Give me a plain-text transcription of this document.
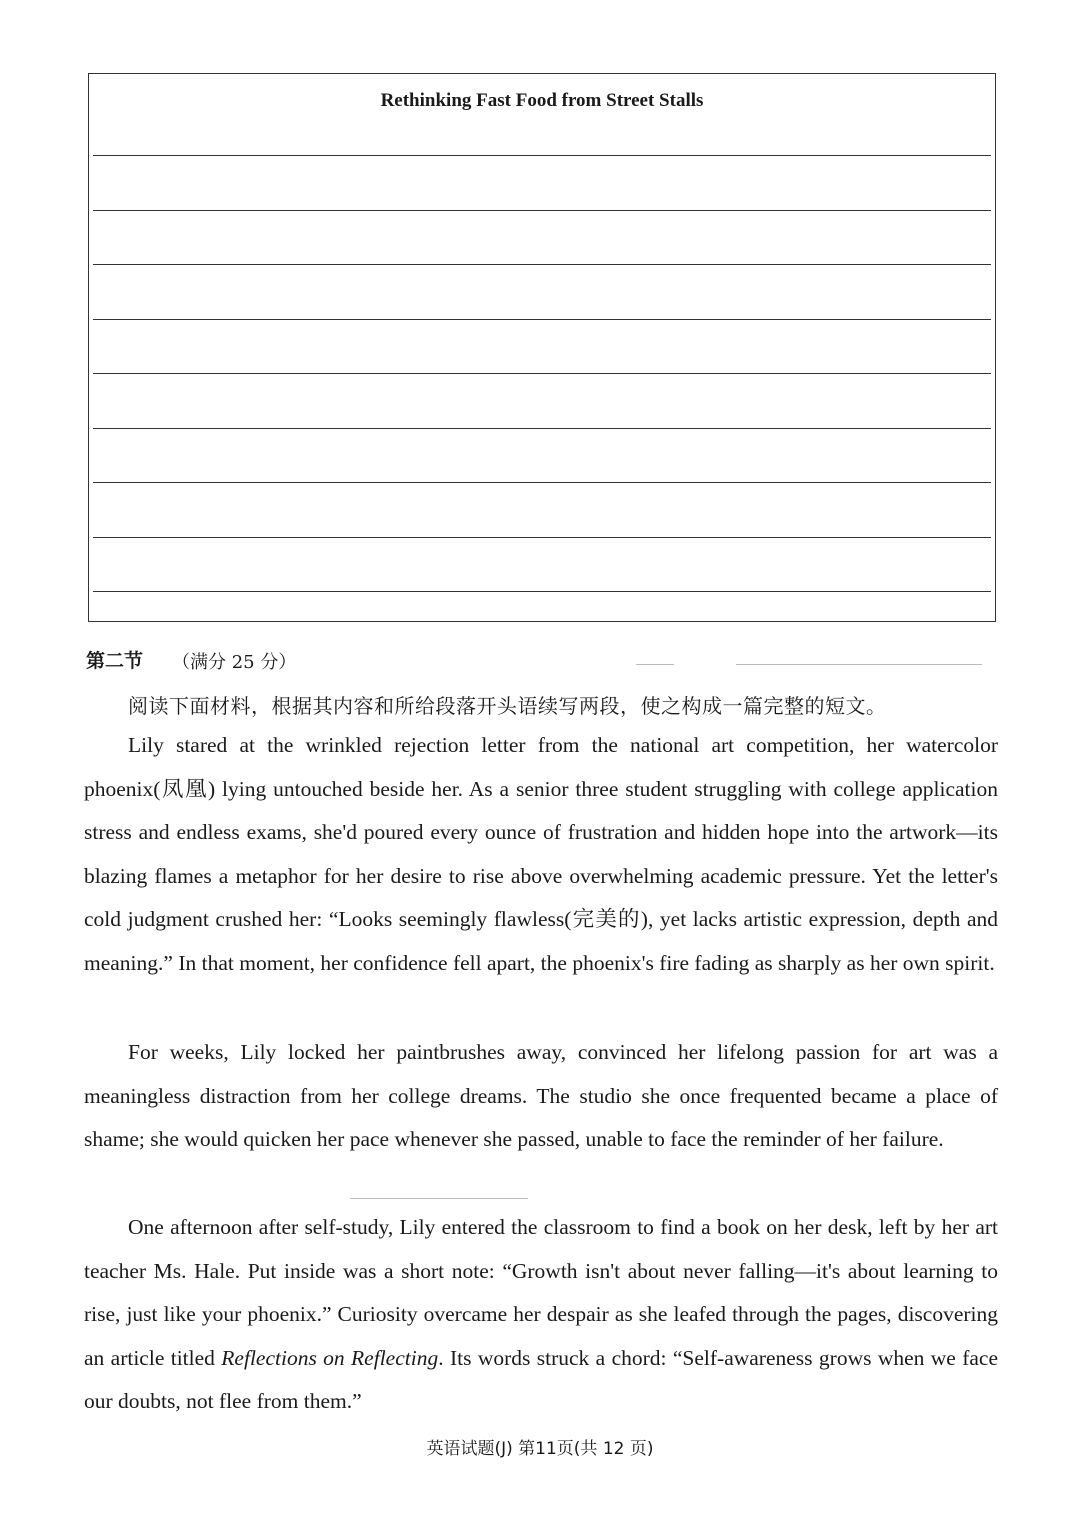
Rethinking Fast Food from Street Stalls
第二节 （满分 25 分）
阅读下面材料，根据其内容和所给段落开头语续写两段，使之构成一篇完整的短文。

Lily stared at the wrinkled rejection letter from the national art competition, her watercolor phoenix(凤凰) lying untouched beside her. As a senior three student struggling with college application stress and endless exams, she'd poured every ounce of frustration and hidden hope into the artwork—its blazing flames a metaphor for her desire to rise above overwhelming academic pressure. Yet the letter's cold judgment crushed her: “Looks seemingly flawless(完美的), yet lacks artistic expression, depth and meaning.” In that moment, her confidence fell apart, the phoenix's fire fading as sharply as her own spirit.

For weeks, Lily locked her paintbrushes away, convinced her lifelong passion for art was a meaningless distraction from her college dreams. The studio she once frequented became a place of shame; she would quicken her pace whenever she passed, unable to face the reminder of her failure.

One afternoon after self-study, Lily entered the classroom to find a book on her desk, left by her art teacher Ms. Hale. Put inside was a short note: “Growth isn't about never falling—it's about learning to rise, just like your phoenix.” Curiosity overcame her despair as she leafed through the pages, discovering an article titled Reflections on Reflecting. Its words struck a chord: “Self-awareness grows when we face our doubts, not flee from them.”

英语试题(J) 第11页(共 12 页)
